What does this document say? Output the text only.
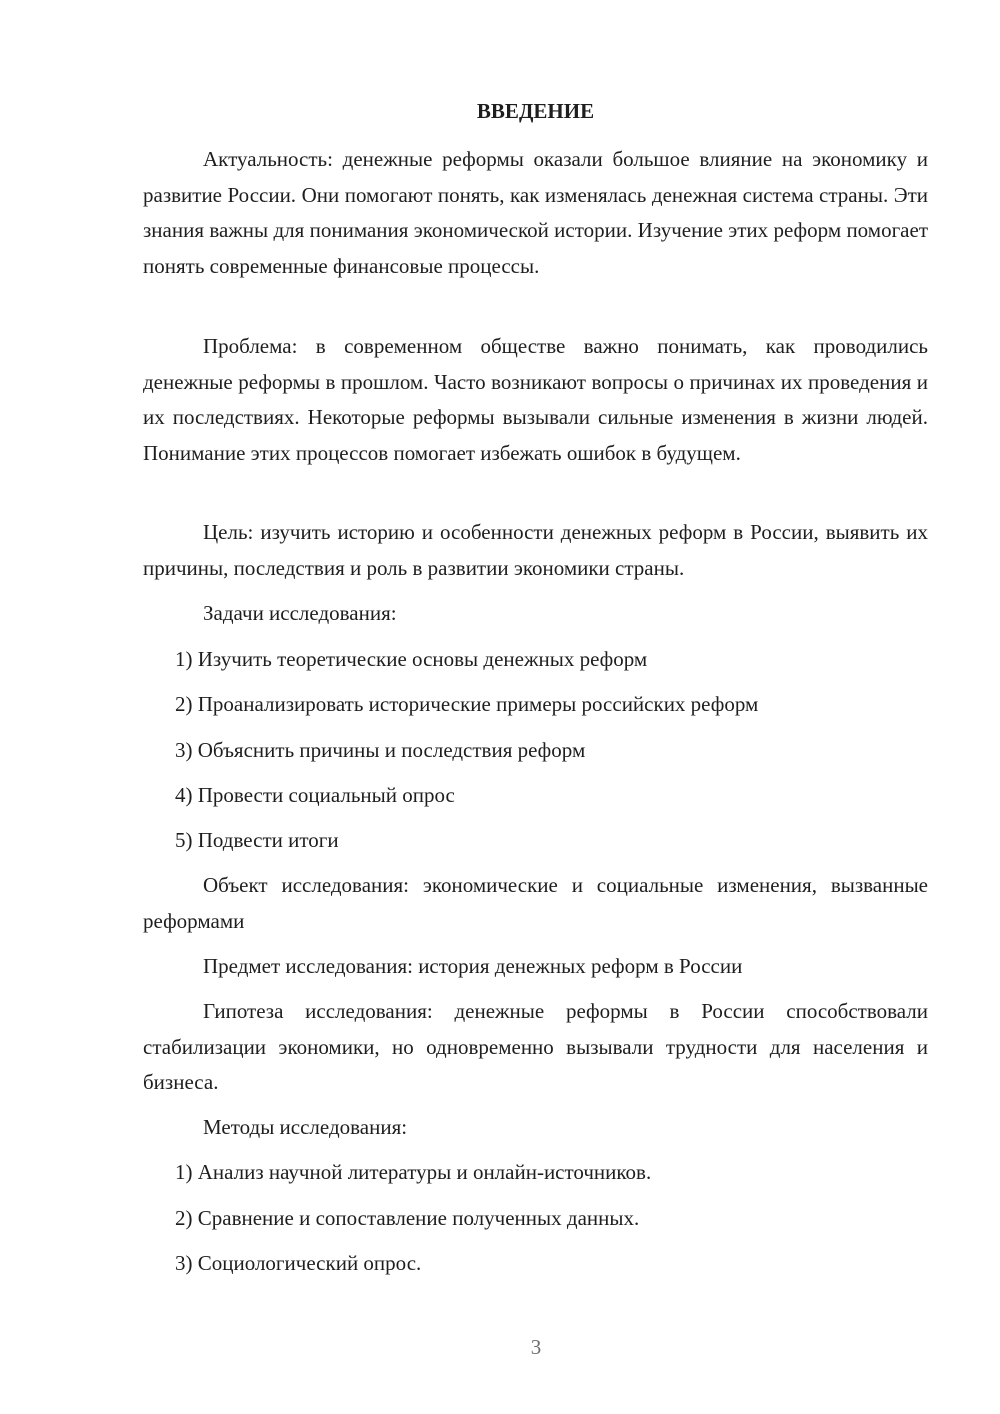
ВВЕДЕНИЕ

Актуальность: денежные реформы оказали большое влияние на экономику и развитие России. Они помогают понять, как изменялась денежная система страны. Эти знания важны для понимания экономической истории. Изучение этих реформ помогает понять современные финансовые процессы.

Проблема: в современном обществе важно понимать, как проводились денежные реформы в прошлом. Часто возникают вопросы о причинах их проведения и их последствиях. Некоторые реформы вызывали сильные изменения в жизни людей. Понимание этих процессов помогает избежать ошибок в будущем.

Цель: изучить историю и особенности денежных реформ в России, выявить их причины, последствия и роль в развитии экономики страны.

Задачи исследования:
1) Изучить теоретические основы денежных реформ
2) Проанализировать исторические примеры российских реформ
3) Объяснить причины и последствия реформ
4) Провести социальный опрос
5) Подвести итоги

Объект исследования: экономические и социальные изменения, вызванные реформами

Предмет исследования: история денежных реформ в России

Гипотеза исследования: денежные реформы в России способствовали стабилизации экономики, но одновременно вызывали трудности для населения и бизнеса.

Методы исследования:
1) Анализ научной литературы и онлайн-источников.
2) Сравнение и сопоставление полученных данных.
3) Социологический опрос.
3
